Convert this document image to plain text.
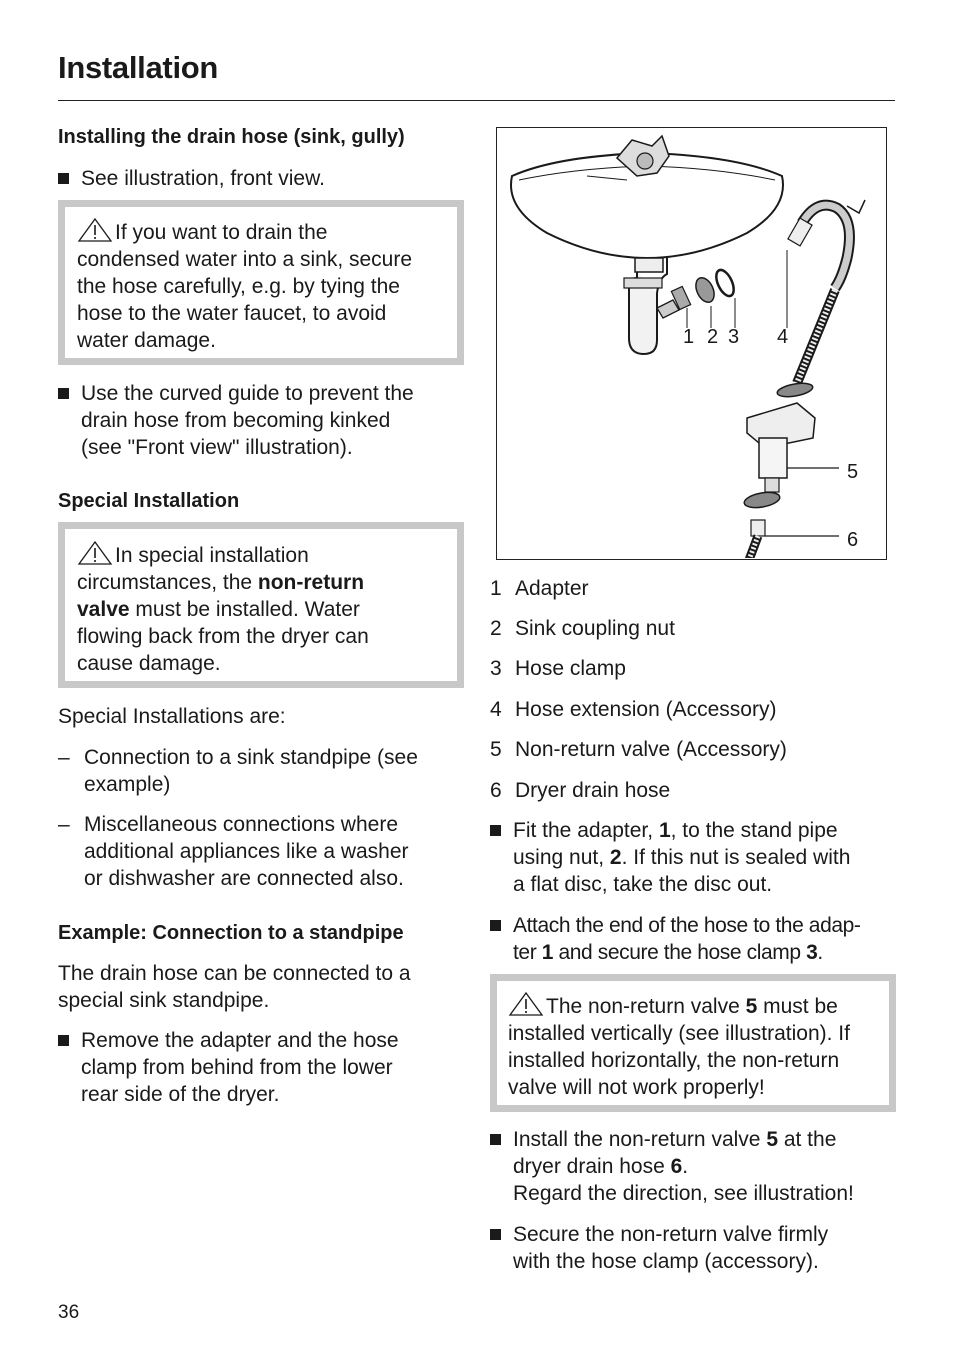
Installation
Installing the drain hose (sink, gully)
See illustration, front view.
If you want to drain the
condensed water into a sink, secure
the hose carefully, e.g. by tying the
hose to the water faucet, to avoid
water damage.
Use the curved guide to prevent the
drain hose from becoming kinked
(see "Front view" illustration).
Special Installation
In special installation
circumstances, the non-return
valve must be installed. Water
flowing back from the dryer can
cause damage.
Special Installations are:
– Connection to a sink standpipe (see
example)
– Miscellaneous connections where
additional appliances like a washer
or dishwasher are connected also.
Example: Connection to a standpipe
The drain hose can be connected to a
special sink standpipe.
Remove the adapter and the hose
clamp from behind from the lower
rear side of the dryer.
1 2 3 4
5
6
1 Adapter
2 Sink coupling nut
3 Hose clamp
4 Hose extension (Accessory)
5 Non-return valve (Accessory)
6 Dryer drain hose
Fit the adapter, 1, to the stand pipe
using nut, 2. If this nut is sealed with
a flat disc, take the disc out.
Attach the end of the hose to the adap-
ter 1 and secure the hose clamp 3.
The non-return valve 5 must be
installed vertically (see illustration). If
installed horizontally, the non-return
valve will not work properly!
Install the non-return valve 5 at the
dryer drain hose 6.
Regard the direction, see illustration!
Secure the non-return valve firmly
with the hose clamp (accessory).
36
